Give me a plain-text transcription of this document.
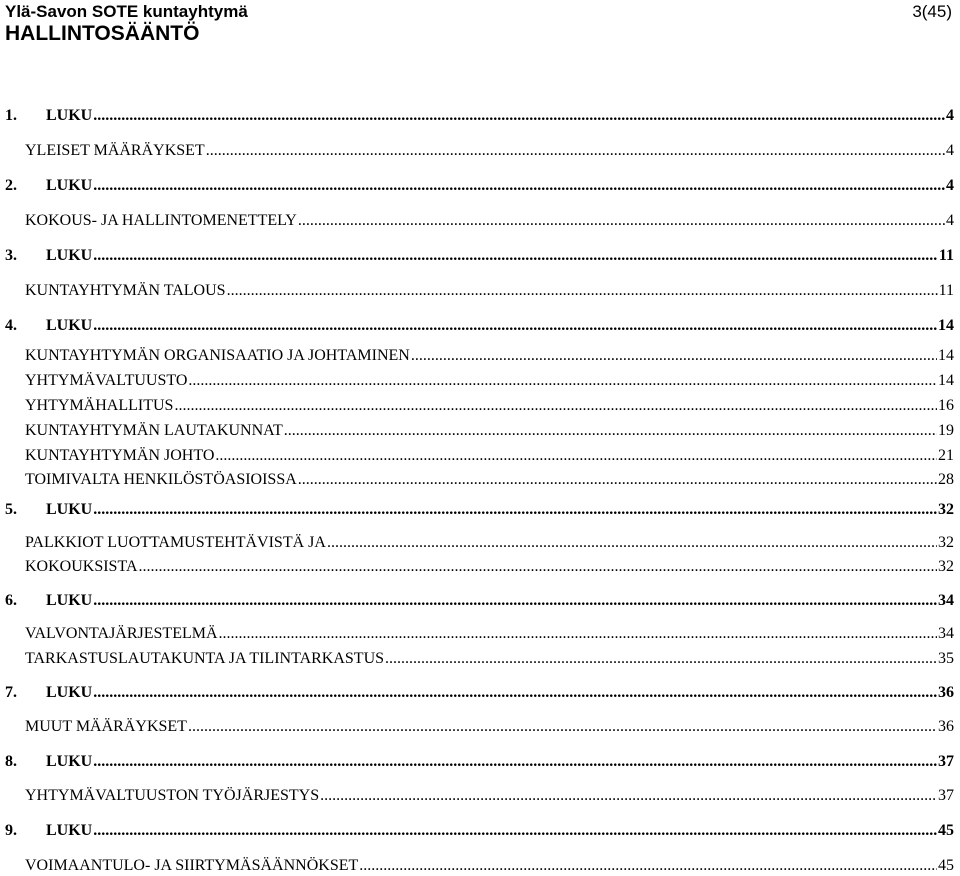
Ylä-Savon SOTE kuntayhtymä
HALLINTOSÄÄNTÖ
3(45)
1.	LUKU .....	4
YLEISET MÄÄRÄYKSET .....	4
2.	LUKU .....	4
KOKOUS- JA HALLINTOMENETTELY .....	4
3.	LUKU .....	11
KUNTAYHTYMÄN TALOUS .....	11
4.	LUKU .....	14
KUNTAYHTYMÄN ORGANISAATIO JA JOHTAMINEN .....	14
YHTYMÄVALTUUSTO .....	14
YHTYMÄHALLITUS .....	16
KUNTAYHTYMÄN LAUTAKUNNAT .....	19
KUNTAYHTYMÄN JOHTO .....	21
TOIMIVALTA HENKILÖSTÖASIOISSA .....	28
5.	LUKU .....	32
PALKKIOT LUOTTAMUSTEHTÄVISTÄ JA .....	32
KOKOUKSISTA .....	32
6.	LUKU .....	34
VALVONTAJÄRJESTELMÄ .....	34
TARKASTUSLAUTAKUNTA JA TILINTARKASTUS .....	35
7.	LUKU .....	36
MUUT MÄÄRÄYKSET .....	36
8.	LUKU .....	37
YHTYMÄVALTUUSTON TYÖJÄRJESTYS .....	37
9.	LUKU .....	45
VOIMAANTULO- JA SIIRTYMÄSÄÄNNÖKSET .....	45
